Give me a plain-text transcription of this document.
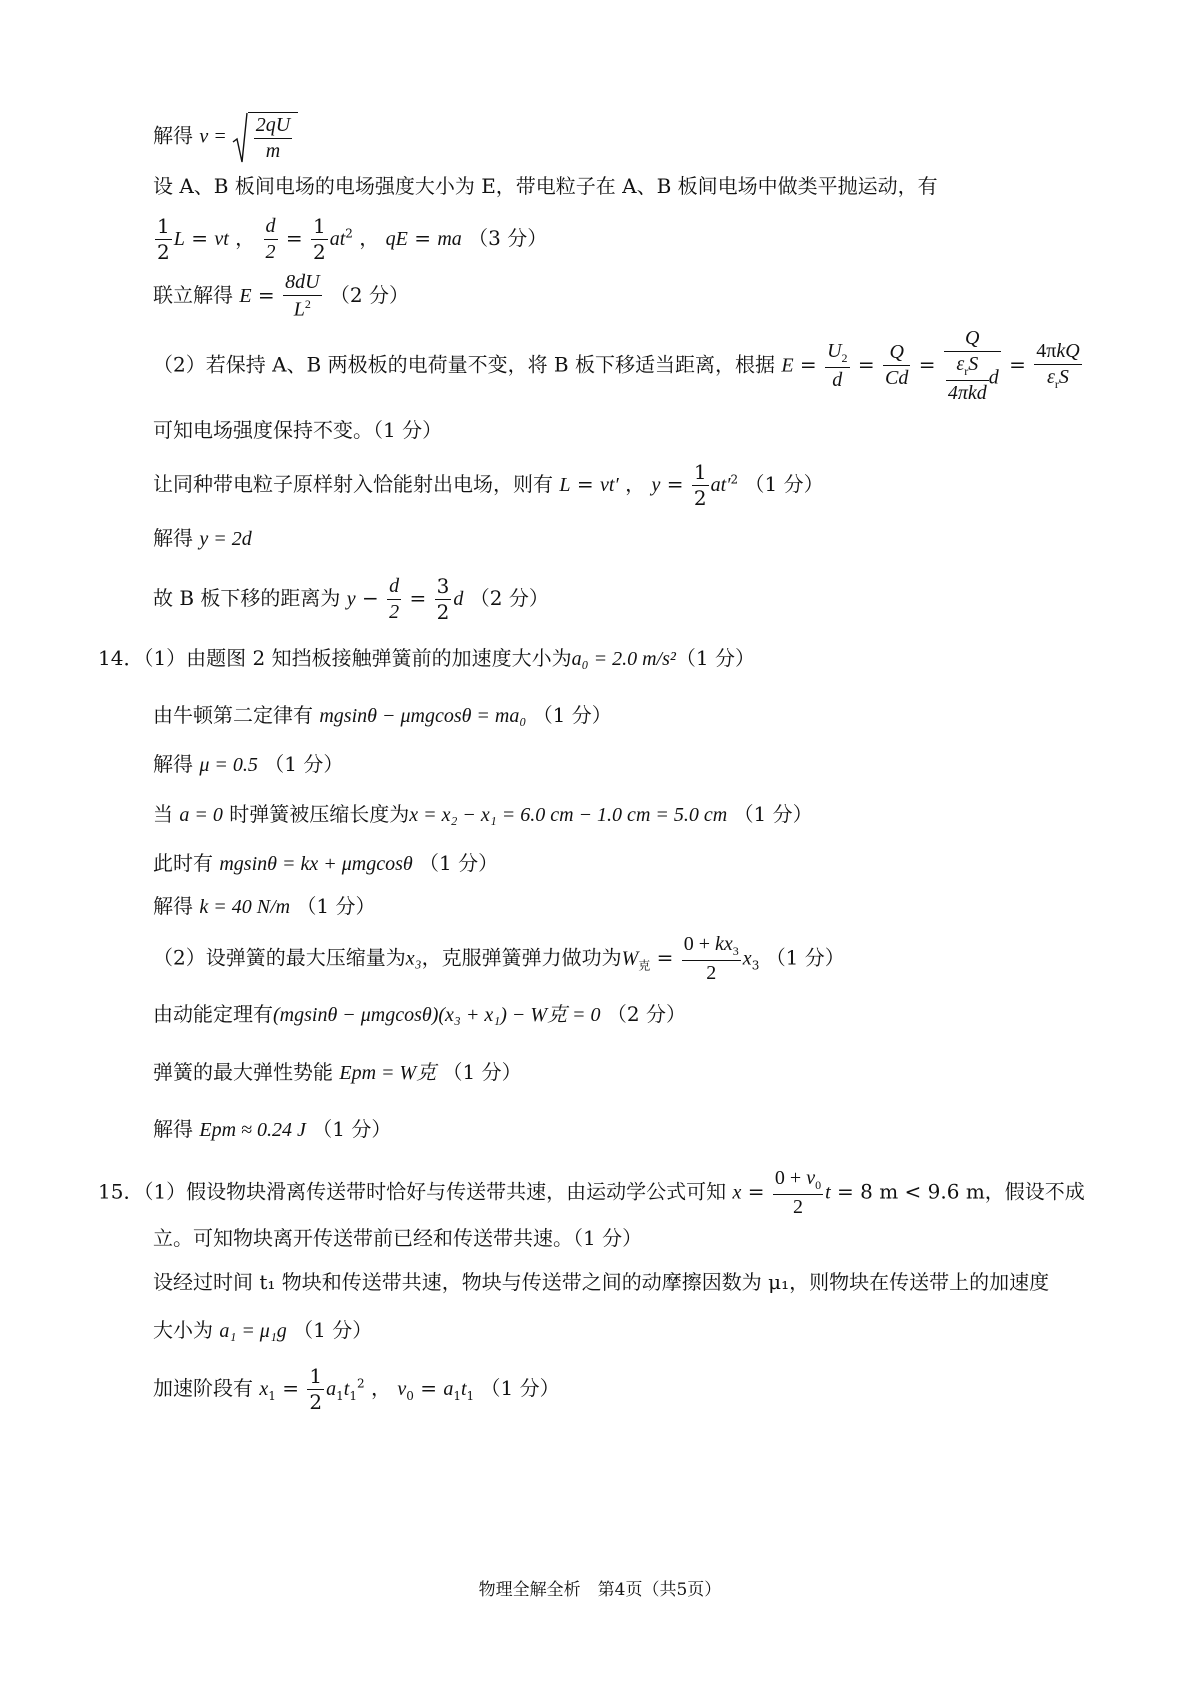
解得 $v = \frac{2qU}{m}$
设 A、B 板间电场的电场强度大小为 E，带电粒子在 A、B 板间电场中做类平抛运动，有
$\frac{1}{2}$ L = vt ， $\frac{d}{2} = \frac{1}{2} at^2$ ， qE = ma （3 分）
联立解得 $E = \frac{8dU}{L^2} (2$ 分）
（2）若保持 A、B 两极板的电荷量不变，将 B 板下移适当距离，根据 $E = \frac{U_2}{d} = \frac{Q}{Cd} = \frac{Q}{\frac{\varepsilon_rS}{\text{4πkd}} d} = \frac{\text{4πkQ}}{\varepsilon_rS}$
可知电场强度保持不变。（1 分）
让同种带电粒子原样射入恰能射出电场，则有 L = vt′ ， $y = \frac{1}{2} at'^2$ （1 分）
解得 y = 2d
故 B 板下移的距离为 $y - \frac{d}{2} = \frac{3}{2}$ d （2 分）
14．（1）由题图 2 知挡板接触弹簧前的加速度大小为a₀ = 2.0 m/s²（1 分）
由牛顿第二定律有 mgsinθ − μmgcosθ = ma₀ （1 分）
解得 μ = 0.5 （1 分）
当 a = 0 时弹簧被压缩长度为x = x₂ − x₁ = 6.0 cm − 1.0 cm = 5.0 cm （1 分）
此时有 mgsinθ = kx + μmgcosθ （1 分）
解得 k = 40 N/m （1 分）
（2）设弹簧的最大压缩量为x₃，克服弹簧弹力做功为$W_克 = \frac{0 + kx_3}{2} x_3$ （1 分）
由动能定理有(mgsinθ − μmgcosθ)(x₃ + x₁) − W克 = 0 （2 分）
弹簧的最大弹性势能 Epm = W克 （1 分）
解得 Epm ≈ 0.24 J （1 分）
15．（1）假设物块滑离传送带时恰好与传送带共速，由运动学公式可知 $x = \frac{0 + v_0}{2}$ t = 8 m < 9.6 m，假设不成
立。可知物块离开传送带前已经和传送带共速。（1 分）
设经过时间 t₁ 物块和传送带共速，物块与传送带之间的动摩擦因数为 μ₁，则物块在传送带上的加速度
大小为 a₁ = μ₁g （1 分）
加速阶段有 $x_1 = \frac{1}{2} a_1t_1^2$ ， $v_0 = a_1t_1$ （1 分）
物理全解全析　第4页（共5页）
